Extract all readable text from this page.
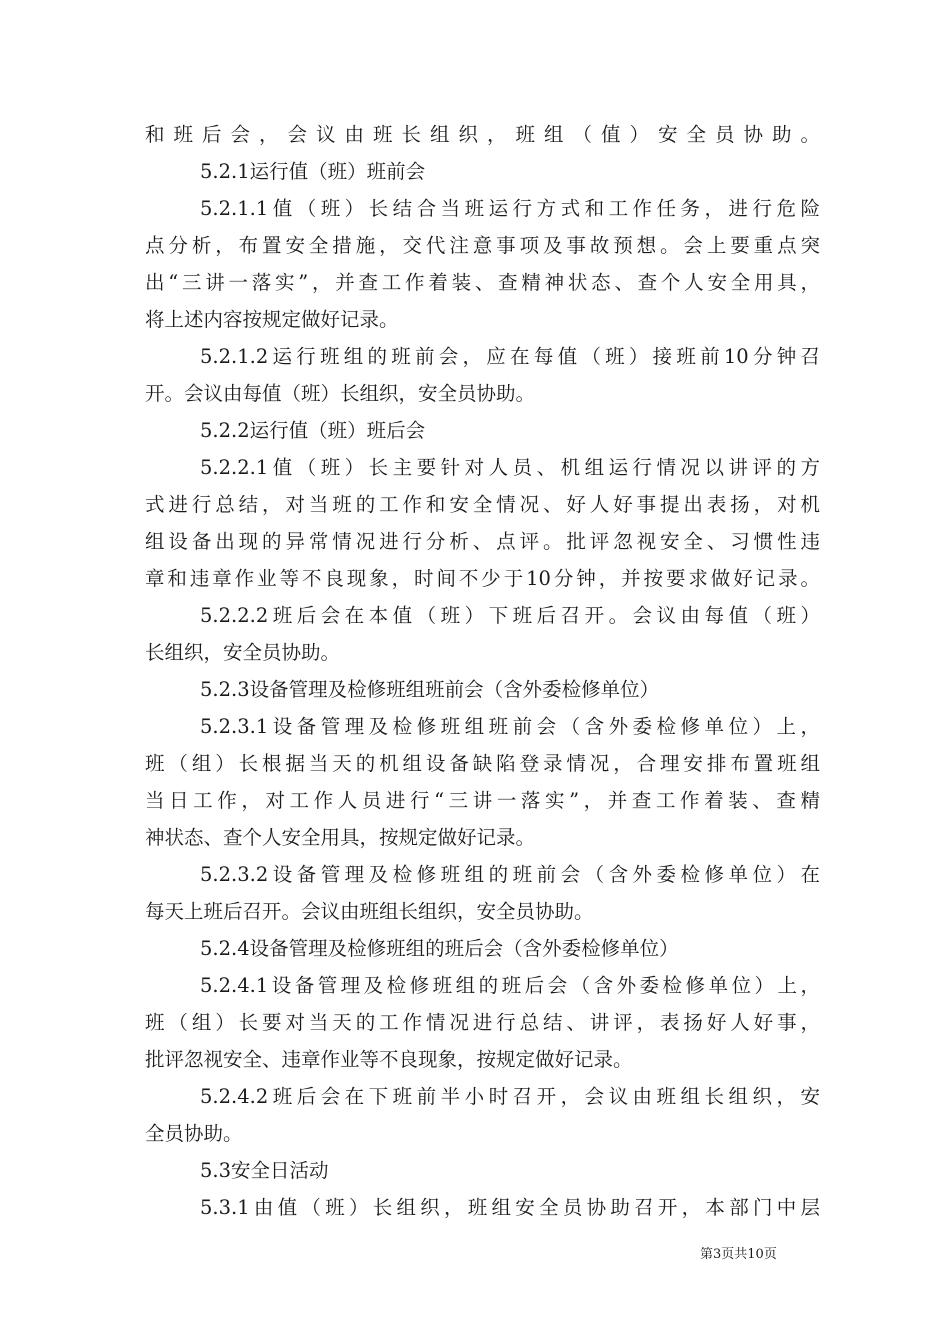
和班后会，会议由班长组织，班组（值）安全员协助。
5.2.1运行值（班）班前会
5.2.1.1值（班）长结合当班运行方式和工作任务，进行危险
点分析，布置安全措施，交代注意事项及事故预想。会上要重点突
出“三讲一落实”，并查工作着装、查精神状态、查个人安全用具，
将上述内容按规定做好记录。
5.2.1.2运行班组的班前会，应在每值（班）接班前10分钟召
开。会议由每值（班）长组织，安全员协助。
5.2.2运行值（班）班后会
5.2.2.1值（班）长主要针对人员、机组运行情况以讲评的方
式进行总结，对当班的工作和安全情况、好人好事提出表扬，对机
组设备出现的异常情况进行分析、点评。批评忽视安全、习惯性违
章和违章作业等不良现象，时间不少于10分钟，并按要求做好记录。
5.2.2.2班后会在本值（班）下班后召开。会议由每值（班）
长组织，安全员协助。
5.2.3设备管理及检修班组班前会（含外委检修单位）
5.2.3.1设备管理及检修班组班前会（含外委检修单位）上，
班（组）长根据当天的机组设备缺陷登录情况，合理安排布置班组
当日工作，对工作人员进行“三讲一落实”，并查工作着装、查精
神状态、查个人安全用具，按规定做好记录。
5.2.3.2设备管理及检修班组的班前会（含外委检修单位）在
每天上班后召开。会议由班组长组织，安全员协助。
5.2.4设备管理及检修班组的班后会（含外委检修单位）
5.2.4.1设备管理及检修班组的班后会（含外委检修单位）上，
班（组）长要对当天的工作情况进行总结、讲评，表扬好人好事，
批评忽视安全、违章作业等不良现象，按规定做好记录。
5.2.4.2班后会在下班前半小时召开，会议由班组长组织，安
全员协助。
5.3安全日活动
5.3.1由值（班）长组织，班组安全员协助召开，本部门中层
第3页共10页
